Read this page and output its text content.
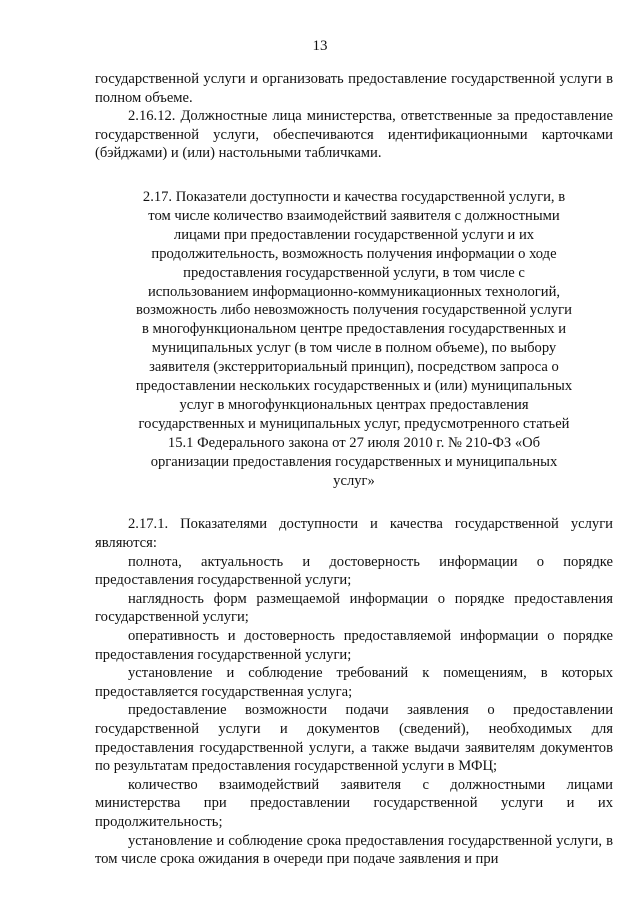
13

государственной услуги и организовать предоставление государственной услуги в полном объеме.

2.16.12. Должностные лица министерства, ответственные за предоставление государственной услуги, обеспечиваются идентификационными карточками (бэйджами) и (или) настольными табличками.

2.17. Показатели доступности и качества государственной услуги, в том числе количество взаимодействий заявителя с должностными лицами при предоставлении государственной услуги и их продолжительность, возможность получения информации о ходе предоставления государственной услуги, в том числе с использованием информационно-коммуникационных технологий, возможность либо невозможность получения государственной услуги в многофункциональном центре предоставления государственных и муниципальных услуг (в том числе в полном объеме), по выбору заявителя (экстерриториальный принцип), посредством запроса о предоставлении нескольких государственных и (или) муниципальных услуг в многофункциональных центрах предоставления государственных и муниципальных услуг, предусмотренного статьей 15.1 Федерального закона от 27 июля 2010 г. № 210-ФЗ «Об организации предоставления государственных и муниципальных услуг»

2.17.1. Показателями доступности и качества государственной услуги являются:

полнота, актуальность и достоверность информации о порядке предоставления государственной услуги;

наглядность форм размещаемой информации о порядке предоставления государственной услуги;

оперативность и достоверность предоставляемой информации о порядке предоставления государственной услуги;

установление и соблюдение требований к помещениям, в которых предоставляется государственная услуга;

предоставление возможности подачи заявления о предоставлении государственной услуги и документов (сведений), необходимых для предоставления государственной услуги, а также выдачи заявителям документов по результатам предоставления государственной услуги в МФЦ;

количество взаимодействий заявителя с должностными лицами министерства при предоставлении государственной услуги и их продолжительность;

установление и соблюдение срока предоставления государственной услуги, в том числе срока ожидания в очереди при подаче заявления и при
